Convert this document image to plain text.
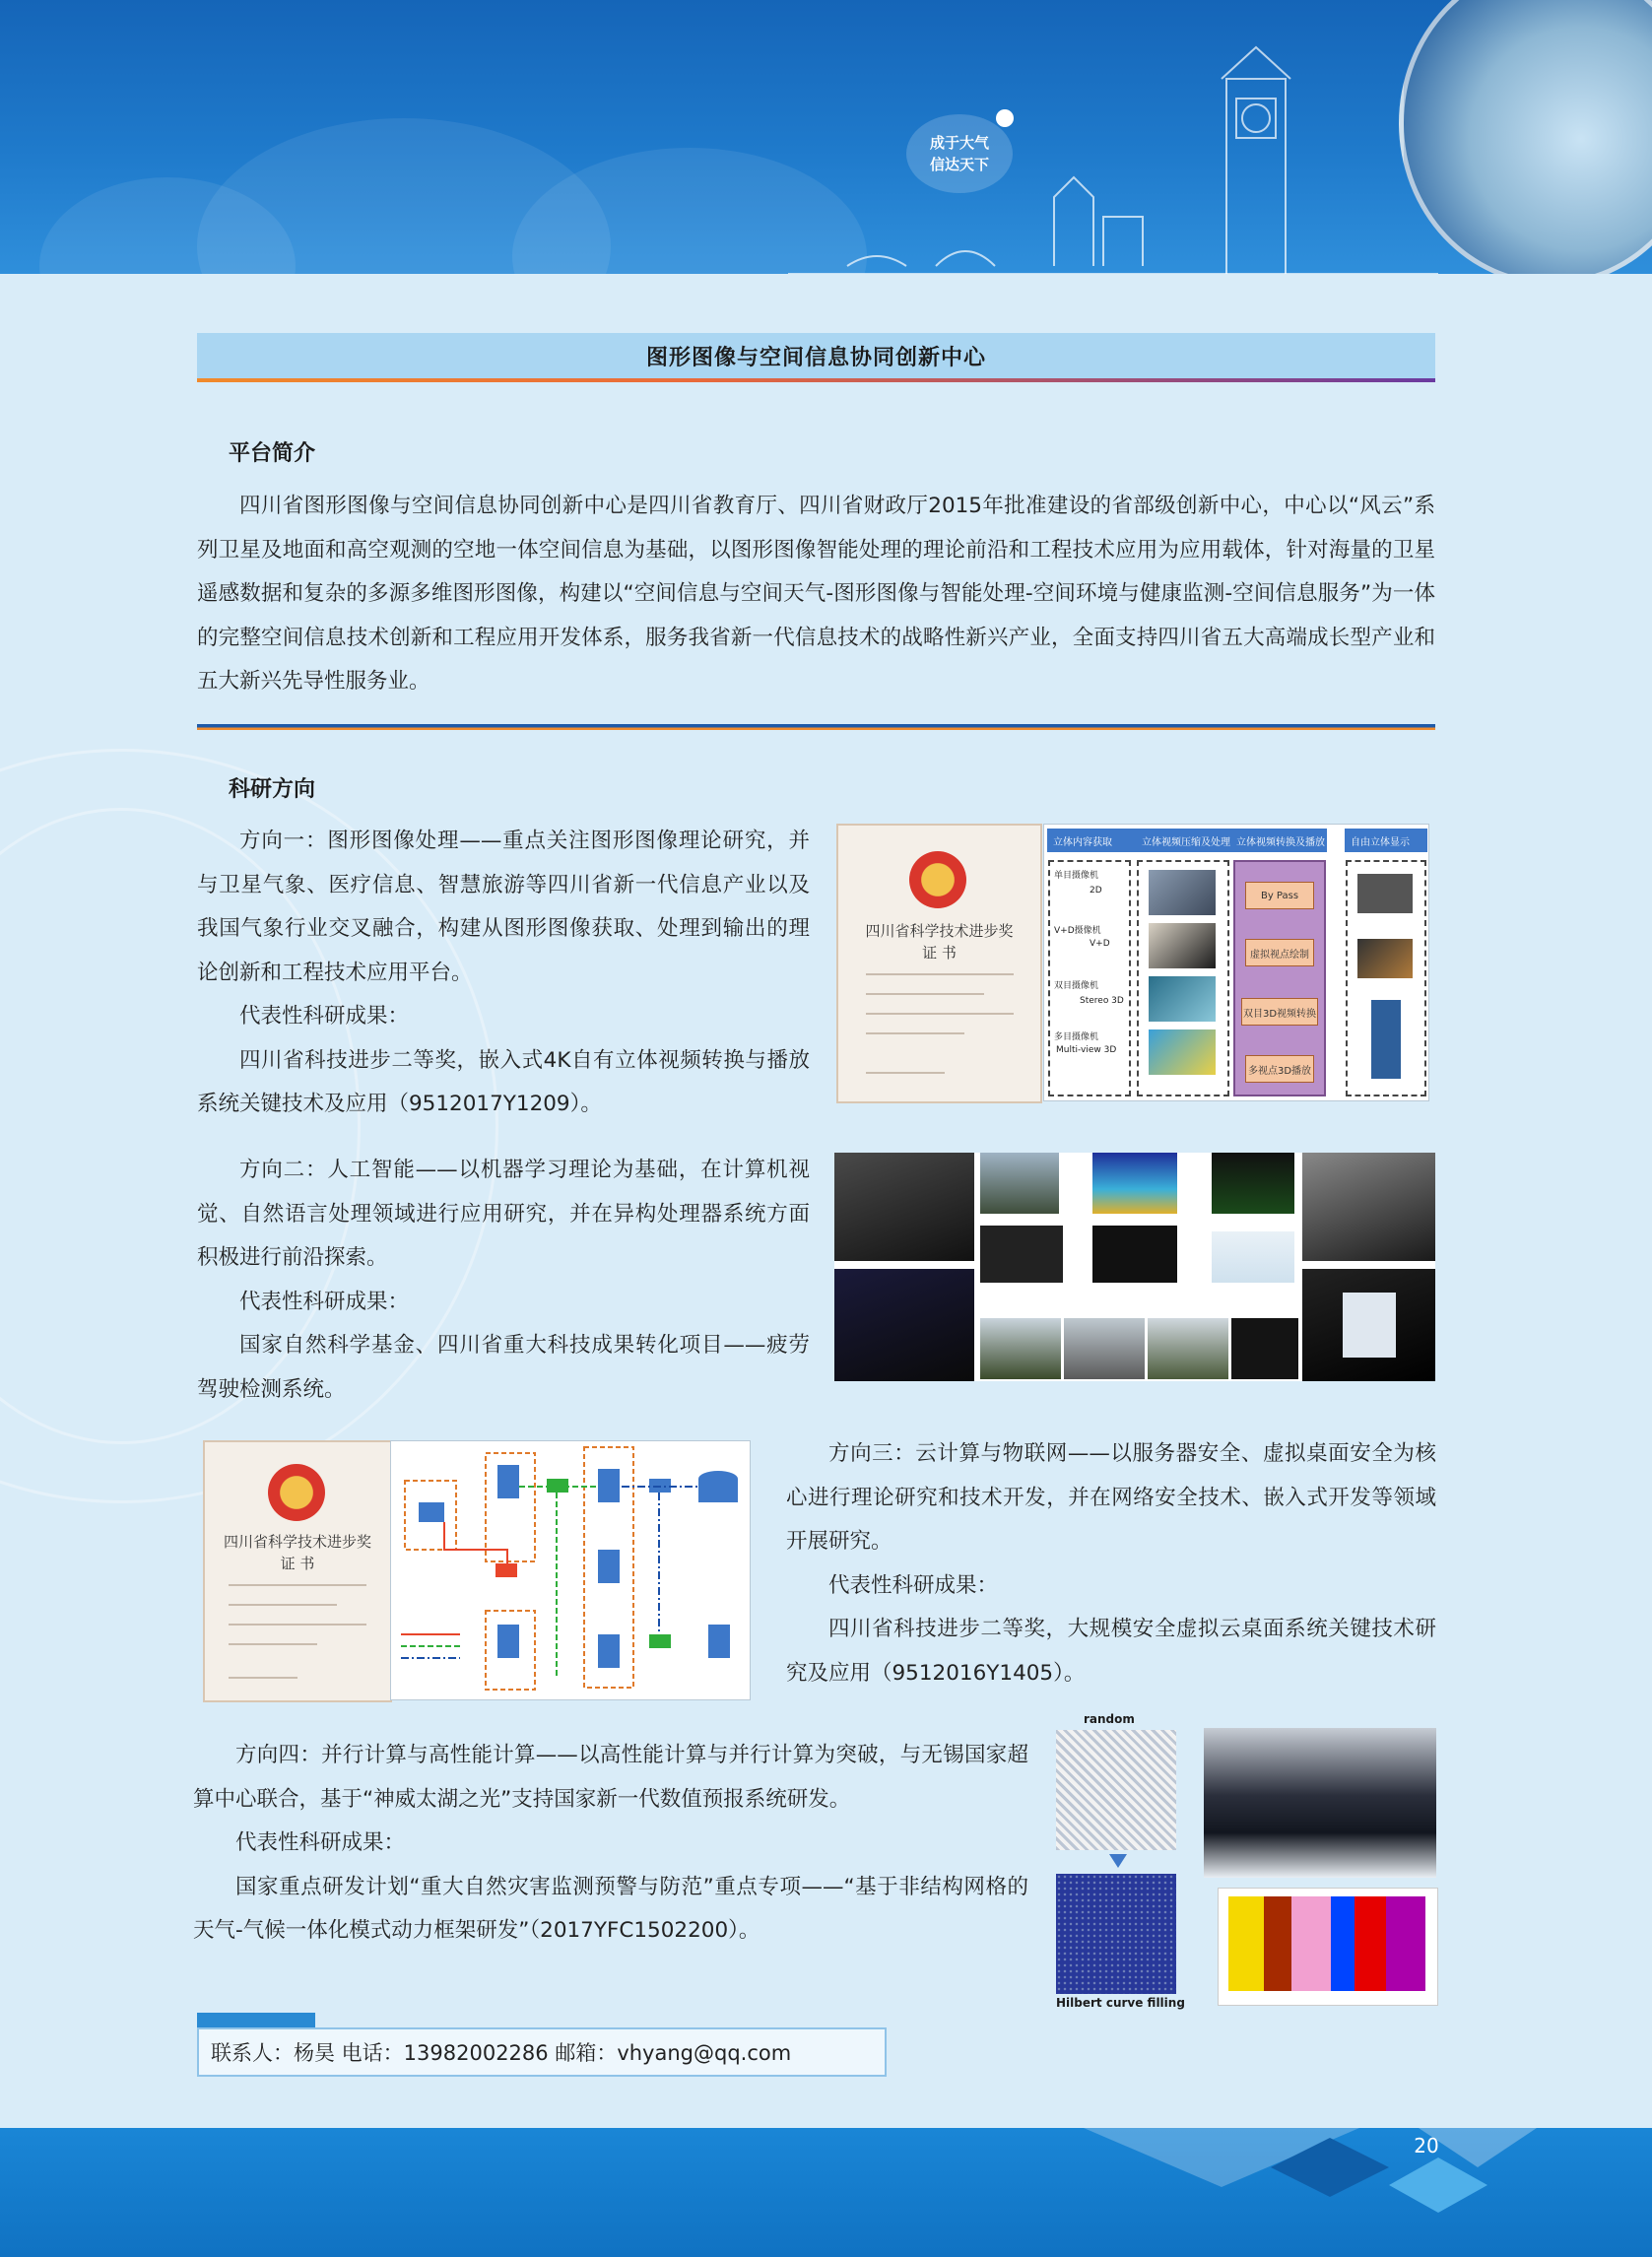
成于大气
信达天下
图形图像与空间信息协同创新中心
平台简介

四川省图形图像与空间信息协同创新中心是四川省教育厅、四川省财政厅2015年批准建设的省部级创新中心，中心以“风云”系列卫星及地面和高空观测的空地一体空间信息为基础，以图形图像智能处理的理论前沿和工程技术应用为应用载体，针对海量的卫星遥感数据和复杂的多源多维图形图像，构建以“空间信息与空间天气-图形图像与智能处理-空间环境与健康监测-空间信息服务”为一体的完整空间信息技术创新和工程应用开发体系，服务我省新一代信息技术的战略性新兴产业，全面支持四川省五大高端成长型产业和五大新兴先导性服务业。

科研方向

方向一：图形图像处理——重点关注图形图像理论研究，并与卫星气象、医疗信息、智慧旅游等四川省新一代信息产业以及我国气象行业交叉融合，构建从图形图像获取、处理到输出的理论创新和工程技术应用平台。

代表性科研成果：

四川省科技进步二等奖，嵌入式4K自有立体视频转换与播放系统关键技术及应用（9512017Y1209）。

四川省科学技术进步奖
证 书
立体内容获取	立体视频压缩及处理 立体视频转换及播放	自由立体显示
单目摄像机
2D
V+D摄像机
V+D
双目摄像机
Stereo 3D
多目摄像机
Multi-view 3D
By Pass
虚拟视点绘制
双目3D视频转换
多视点3D播放

方向二：人工智能——以机器学习理论为基础，在计算机视觉、自然语言处理领域进行应用研究，并在异构处理器系统方面积极进行前沿探索。

代表性科研成果：

国家自然科学基金、四川省重大科技成果转化项目——疲劳驾驶检测系统。

四川省科学技术进步奖
证 书

方向三：云计算与物联网——以服务器安全、虚拟桌面安全为核心进行理论研究和技术开发，并在网络安全技术、嵌入式开发等领域开展研究。

代表性科研成果：

四川省科技进步二等奖，大规模安全虚拟云桌面系统关键技术研究及应用（9512016Y1405）。

方向四：并行计算与高性能计算——以高性能计算与并行计算为突破，与无锡国家超算中心联合，基于“神威太湖之光”支持国家新一代数值预报系统研发。

代表性科研成果：

国家重点研发计划“重大自然灾害监测预警与防范”重点专项——“基于非结构网格的天气-气候一体化模式动力框架研发”（2017YFC1502200）。

random
Hilbert curve filling
联系人：杨昊 电话：13982002286 邮箱：vhyang@qq.com
20
